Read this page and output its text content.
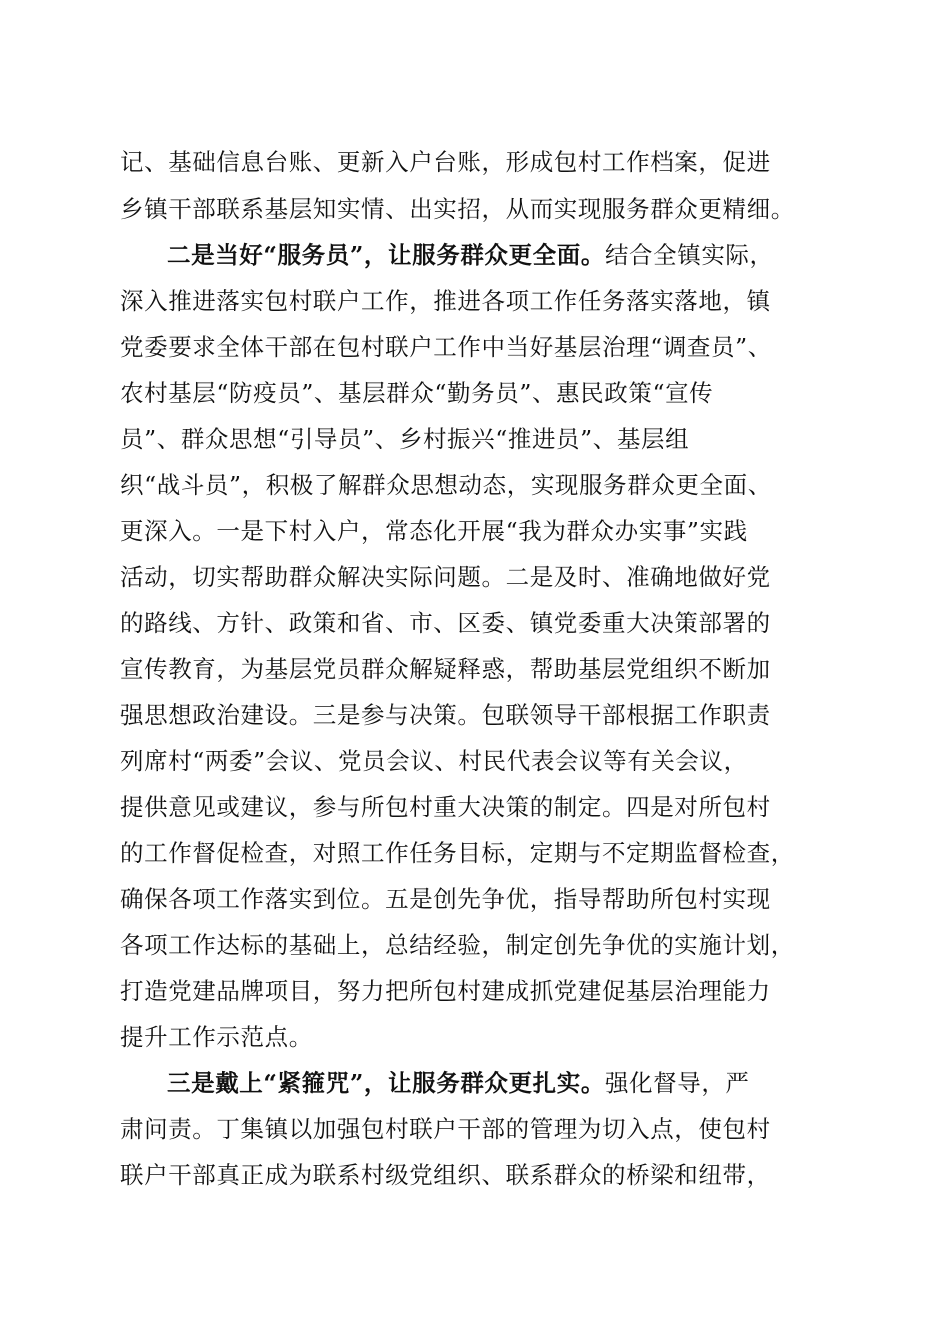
记、基础信息台账、更新入户台账，形成包村工作档案，促进
乡镇干部联系基层知实情、出实招，从而实现服务群众更精细。
二是当好“服务员”，让服务群众更全面。结合全镇实际，
深入推进落实包村联户工作，推进各项工作任务落实落地，镇
党委要求全体干部在包村联户工作中当好基层治理“调查员”、
农村基层“防疫员”、基层群众“勤务员”、惠民政策“宣传
员”、群众思想“引导员”、乡村振兴“推进员”、基层组
织“战斗员”，积极了解群众思想动态，实现服务群众更全面、
更深入。一是下村入户，常态化开展“我为群众办实事”实践
活动，切实帮助群众解决实际问题。二是及时、准确地做好党
的路线、方针、政策和省、市、区委、镇党委重大决策部署的
宣传教育，为基层党员群众解疑释惑，帮助基层党组织不断加
强思想政治建设。三是参与决策。包联领导干部根据工作职责
列席村“两委”会议、党员会议、村民代表会议等有关会议，
提供意见或建议，参与所包村重大决策的制定。四是对所包村
的工作督促检查，对照工作任务目标，定期与不定期监督检查，
确保各项工作落实到位。五是创先争优，指导帮助所包村实现
各项工作达标的基础上，总结经验，制定创先争优的实施计划，
打造党建品牌项目，努力把所包村建成抓党建促基层治理能力
提升工作示范点。
三是戴上“紧箍咒”，让服务群众更扎实。强化督导，严
肃问责。丁集镇以加强包村联户干部的管理为切入点，使包村
联户干部真正成为联系村级党组织、联系群众的桥梁和纽带，
